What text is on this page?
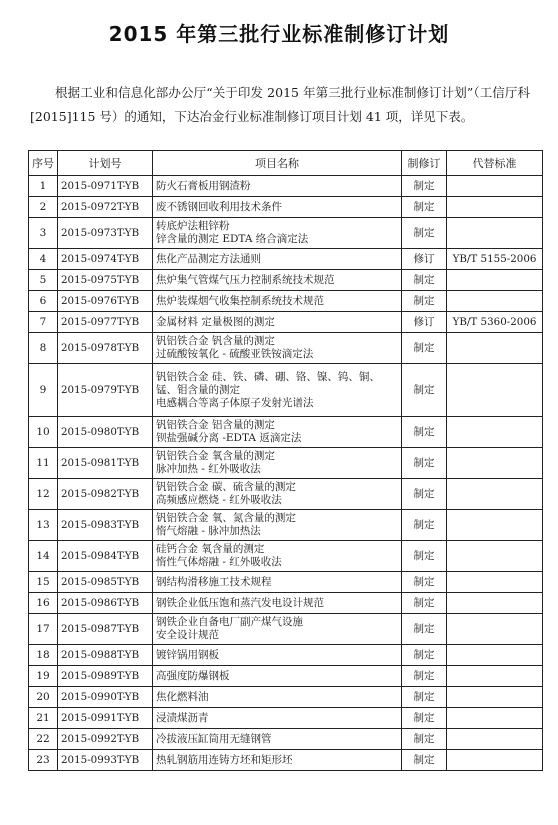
2015 年第三批行业标准制修订计划

根据工业和信息化部办公厅“关于印发 2015 年第三批行业标准制修订计划”（工信厅科 [2015]115 号）的通知，下达冶金行业标准制修订项目计划 41 项，详见下表。

序号	计划号	项目名称	制修订	代替标准
1	2015-0971T-YB	防火石膏板用钢渣粉	制定	
2	2015-0972T-YB	废不锈钢回收利用技术条件	制定	
3	2015-0973T-YB	转底炉法粗锌粉
锌含量的测定 EDTA 络合滴定法	制定	
4	2015-0974T-YB	焦化产品测定方法通则	修订	YB/T 5155-2006
5	2015-0975T-YB	焦炉集气管煤气压力控制系统技术规范	制定	
6	2015-0976T-YB	焦炉装煤烟气收集控制系统技术规范	制定	
7	2015-0977T-YB	金属材料 定量极图的测定	修订	YB/T 5360-2006
8	2015-0978T-YB	钒铝铁合金 钒含量的测定
过硫酸铵氧化 - 硫酸亚铁铵滴定法	制定	
9	2015-0979T-YB	钒铝铁合金 硅、铁、磷、硼、铬、镍、钨、铜、锰、钼含量的测定
电感耦合等离子体原子发射光谱法	制定	
10	2015-0980T-YB	钒铝铁合金 铝含量的测定
钡盐强碱分离 -EDTA 返滴定法	制定	
11	2015-0981T-YB	钒铝铁合金 氧含量的测定
脉冲加热 - 红外吸收法	制定	
12	2015-0982T-YB	钒铝铁合金 碳、硫含量的测定
高频感应燃烧 - 红外吸收法	制定	
13	2015-0983T-YB	钒铝铁合金 氧、氮含量的测定
惰气熔融 - 脉冲加热法	制定	
14	2015-0984T-YB	硅钙合金 氧含量的测定
惰性气体熔融 - 红外吸收法	制定	
15	2015-0985T-YB	钢结构滑移施工技术规程	制定	
16	2015-0986T-YB	钢铁企业低压饱和蒸汽发电设计规范	制定	
17	2015-0987T-YB	钢铁企业自备电厂副产煤气设施
安全设计规范	制定	
18	2015-0988T-YB	镀锌锅用钢板	制定	
19	2015-0989T-YB	高强度防爆钢板	制定	
20	2015-0990T-YB	焦化燃料油	制定	
21	2015-0991T-YB	浸渍煤沥青	制定	
22	2015-0992T-YB	冷拔液压缸筒用无缝钢管	制定	
23	2015-0993T-YB	热轧钢筋用连铸方坯和矩形坯	制定	
